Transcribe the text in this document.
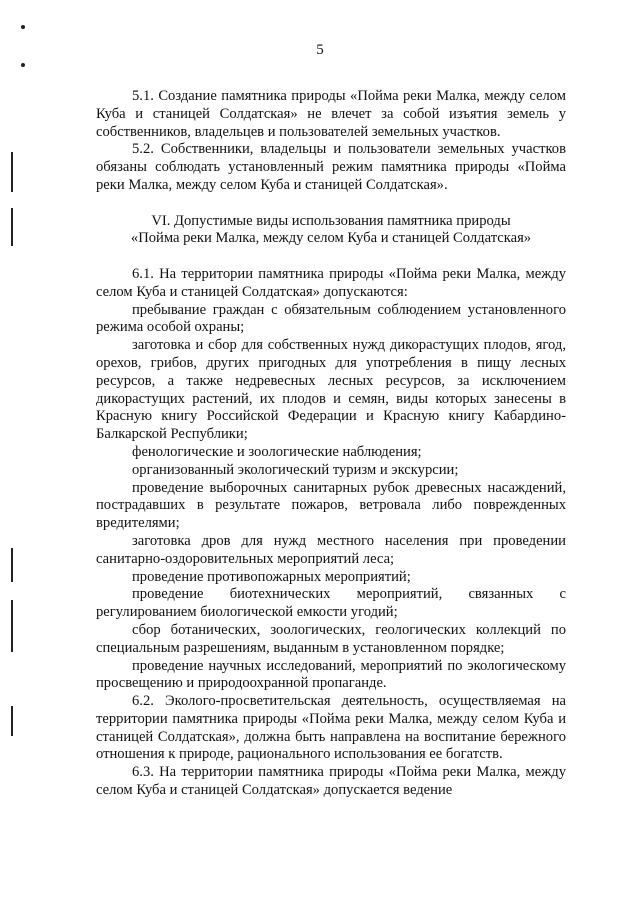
5

5.1. Создание памятника природы «Пойма реки Малка, между селом Куба и станицей Солдатская» не влечет за собой изъятия земель у собственников, владельцев и пользователей земельных участков.

5.2. Собственники, владельцы и пользователи земельных участков обязаны соблюдать установленный режим памятника природы «Пойма реки Малка, между селом Куба и станицей Солдатская».

VI. Допустимые виды использования памятника природы
«Пойма реки Малка, между селом Куба и станицей Солдатская»

6.1. На территории памятника природы «Пойма реки Малка, между селом Куба и станицей Солдатская» допускаются:

пребывание граждан с обязательным соблюдением установленного режима особой охраны;

заготовка и сбор для собственных нужд дикорастущих плодов, ягод, орехов, грибов, других пригодных для употребления в пищу лесных ресурсов, а также недревесных лесных ресурсов, за исключением дикорастущих растений, их плодов и семян, виды которых занесены в Красную книгу Российской Федерации и Красную книгу Кабардино-Балкарской Республики;

фенологические и зоологические наблюдения;

организованный экологический туризм и экскурсии;

проведение выборочных санитарных рубок древесных насаждений, пострадавших в результате пожаров, ветровала либо поврежденных вредителями;

заготовка дров для нужд местного населения при проведении санитарно-оздоровительных мероприятий леса;

проведение противопожарных мероприятий;

проведение биотехнических мероприятий, связанных с регулированием биологической емкости угодий;

сбор ботанических, зоологических, геологических коллекций по специальным разрешениям, выданным в установленном порядке;

проведение научных исследований, мероприятий по экологическому просвещению и природоохранной пропаганде.

6.2. Эколого-просветительская деятельность, осуществляемая на территории памятника природы «Пойма реки Малка, между селом Куба и станицей Солдатская», должна быть направлена на воспитание бережного отношения к природе, рационального использования ее богатств.

6.3. На территории памятника природы «Пойма реки Малка, между селом Куба и станицей Солдатская» допускается ведение
